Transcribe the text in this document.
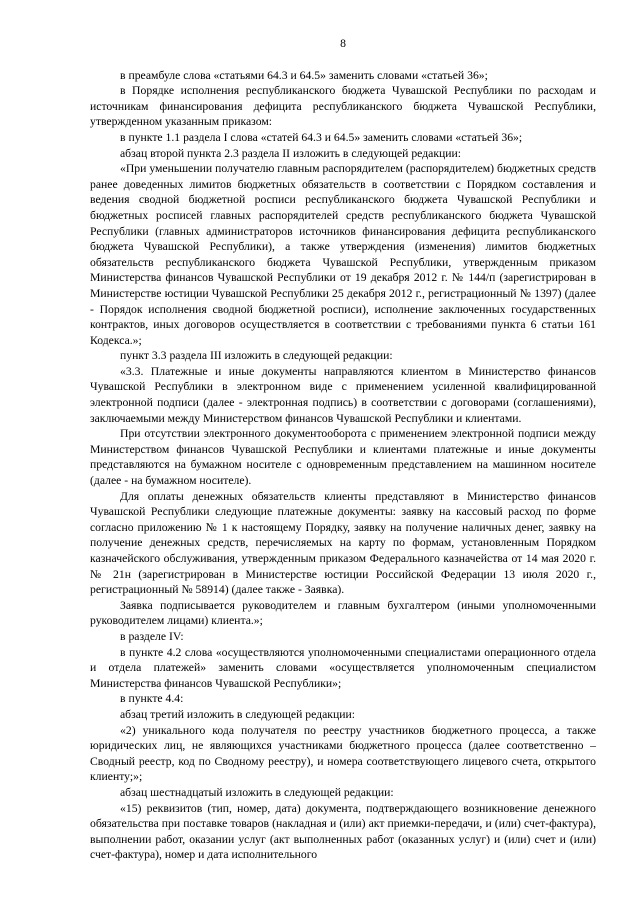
8

в преамбуле слова «статьями 64.3 и 64.5» заменить словами «статьей 36»;

в Порядке исполнения республиканского бюджета Чувашской Республики по расходам и источникам финансирования дефицита республиканского бюджета Чувашской Республики, утвержденном указанным приказом:

в пункте 1.1 раздела I слова «статей 64.3 и 64.5» заменить словами «статьей 36»;

абзац второй пункта 2.3 раздела II изложить в следующей редакции:

«При уменьшении получателю главным распорядителем (распорядителем) бюджетных средств ранее доведенных лимитов бюджетных обязательств в соответствии с Порядком составления и ведения сводной бюджетной росписи республиканского бюджета Чувашской Республики и бюджетных росписей главных распорядителей средств республиканского бюджета Чувашской Республики (главных администраторов источников финансирования дефицита республиканского бюджета Чувашской Республики), а также утверждения (изменения) лимитов бюджетных обязательств республиканского бюджета Чувашской Республики, утвержденным приказом Министерства финансов Чувашской Республики от 19 декабря 2012 г. № 144/п (зарегистрирован в Министерстве юстиции Чувашской Республики 25 декабря 2012 г., регистрационный № 1397) (далее - Порядок исполнения сводной бюджетной росписи), исполнение заключенных государственных контрактов, иных договоров осуществляется в соответствии с требованиями пункта 6 статьи 161 Кодекса.»;

пункт 3.3 раздела III изложить в следующей редакции:

«3.3. Платежные и иные документы направляются клиентом в Министерство финансов Чувашской Республики в электронном виде с применением усиленной квалифицированной электронной подписи (далее - электронная подпись) в соответствии с договорами (соглашениями), заключаемыми между Министерством финансов Чувашской Республики и клиентами.

При отсутствии электронного документооборота с применением электронной подписи между Министерством финансов Чувашской Республики и клиентами платежные и иные документы представляются на бумажном носителе с одновременным представлением на машинном носителе (далее - на бумажном носителе).

Для оплаты денежных обязательств клиенты представляют в Министерство финансов Чувашской Республики следующие платежные документы: заявку на кассовый расход по форме согласно приложению № 1 к настоящему Порядку, заявку на получение наличных денег, заявку на получение денежных средств, перечисляемых на карту по формам, установленным Порядком казначейского обслуживания, утвержденным приказом Федерального казначейства от 14 мая 2020 г. № 21н (зарегистрирован в Министерстве юстиции Российской Федерации 13 июля 2020 г., регистрационный № 58914) (далее также - Заявка).

Заявка подписывается руководителем и главным бухгалтером (иными уполномоченными руководителем лицами) клиента.»;

в разделе IV:

в пункте 4.2 слова «осуществляются уполномоченными специалистами операционного отдела и отдела платежей» заменить словами «осуществляется уполномоченным специалистом Министерства финансов Чувашской Республики»;

в пункте 4.4:

абзац третий изложить в следующей редакции:

«2) уникального кода получателя по реестру участников бюджетного процесса, а также юридических лиц, не являющихся участниками бюджетного процесса (далее соответственно – Сводный реестр, код по Сводному реестру), и номера соответствующего лицевого счета, открытого клиенту;»;

абзац шестнадцатый изложить в следующей редакции:

«15) реквизитов (тип, номер, дата) документа, подтверждающего возникновение денежного обязательства при поставке товаров (накладная и (или) акт приемки-передачи, и (или) счет-фактура), выполнении работ, оказании услуг (акт выполненных работ (оказанных услуг) и (или) счет и (или) счет-фактура), номер и дата исполнительного
